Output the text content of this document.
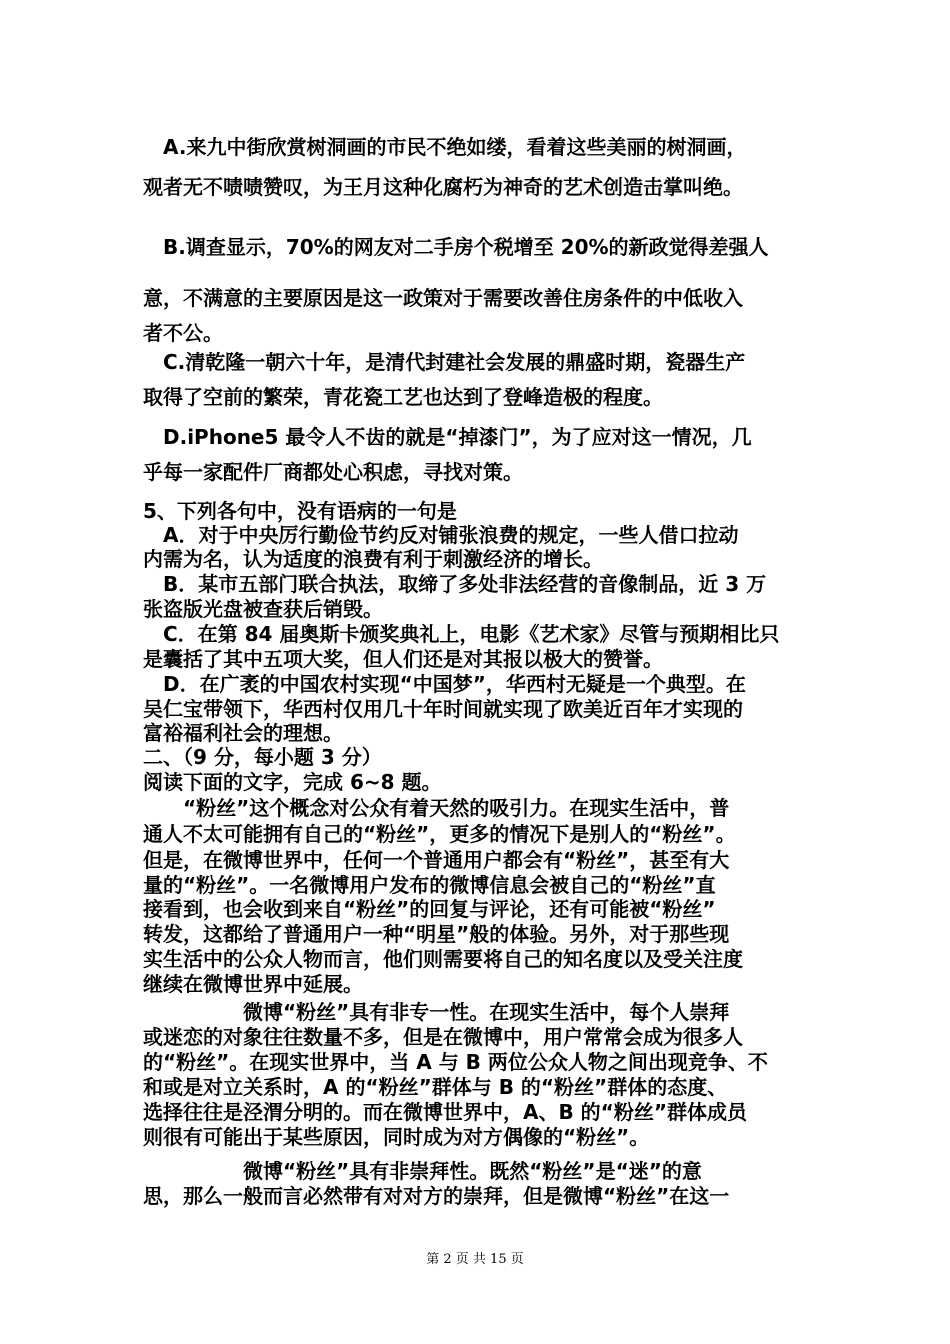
　A.来九中街欣赏树洞画的市民不绝如缕，看着这些美丽的树洞画，
观者无不啧啧赞叹，为王月这种化腐朽为神奇的艺术创造击掌叫绝。
　B.调查显示，70%的网友对二手房个税增至 20%的新政觉得差强人
意，不满意的主要原因是这一政策对于需要改善住房条件的中低收入
者不公。
　C.清乾隆一朝六十年，是清代封建社会发展的鼎盛时期，瓷器生产
取得了空前的繁荣，青花瓷工艺也达到了登峰造极的程度。
　D.iPhone5 最令人不齿的就是“掉漆门”，为了应对这一情况，几
乎每一家配件厂商都处心积虑，寻找对策。
5、下列各句中，没有语病的一句是
　A．对于中央厉行勤俭节约反对铺张浪费的规定，一些人借口拉动
内需为名，认为适度的浪费有利于刺激经济的增长。
　B．某市五部门联合执法，取缔了多处非法经营的音像制品，近 3 万
张盗版光盘被查获后销毁。
　C．在第 84 届奥斯卡颁奖典礼上，电影《艺术家》尽管与预期相比只
是囊括了其中五项大奖，但人们还是对其报以极大的赞誉。
　D．在广袤的中国农村实现“中国梦”，华西村无疑是一个典型。在
吴仁宝带领下，华西村仅用几十年时间就实现了欧美近百年才实现的
富裕福利社会的理想。
二、（9 分，每小题 3 分）
阅读下面的文字，完成 6~8 题。
　　“粉丝”这个概念对公众有着天然的吸引力。在现实生活中，普
通人不太可能拥有自己的“粉丝”，更多的情况下是别人的“粉丝”。
但是，在微博世界中，任何一个普通用户都会有“粉丝”，甚至有大
量的“粉丝”。一名微博用户发布的微博信息会被自己的“粉丝”直
接看到，也会收到来自“粉丝”的回复与评论，还有可能被“粉丝”
转发，这都给了普通用户一种“明星”般的体验。另外，对于那些现
实生活中的公众人物而言，他们则需要将自己的知名度以及受关注度
继续在微博世界中延展。
　　　　　微博“粉丝”具有非专一性。在现实生活中，每个人崇拜
或迷恋的对象往往数量不多，但是在微博中，用户常常会成为很多人
的“粉丝”。在现实世界中，当 A 与 B 两位公众人物之间出现竞争、不
和或是对立关系时，A 的“粉丝”群体与 B 的“粉丝”群体的态度、
选择往往是泾渭分明的。而在微博世界中，A、B 的“粉丝”群体成员
则很有可能出于某些原因，同时成为对方偶像的“粉丝”。
　　　　　微博“粉丝”具有非崇拜性。既然“粉丝”是“迷”的意
思，那么一般而言必然带有对对方的崇拜，但是微博“粉丝”在这一
第 2 页 共 15 页
